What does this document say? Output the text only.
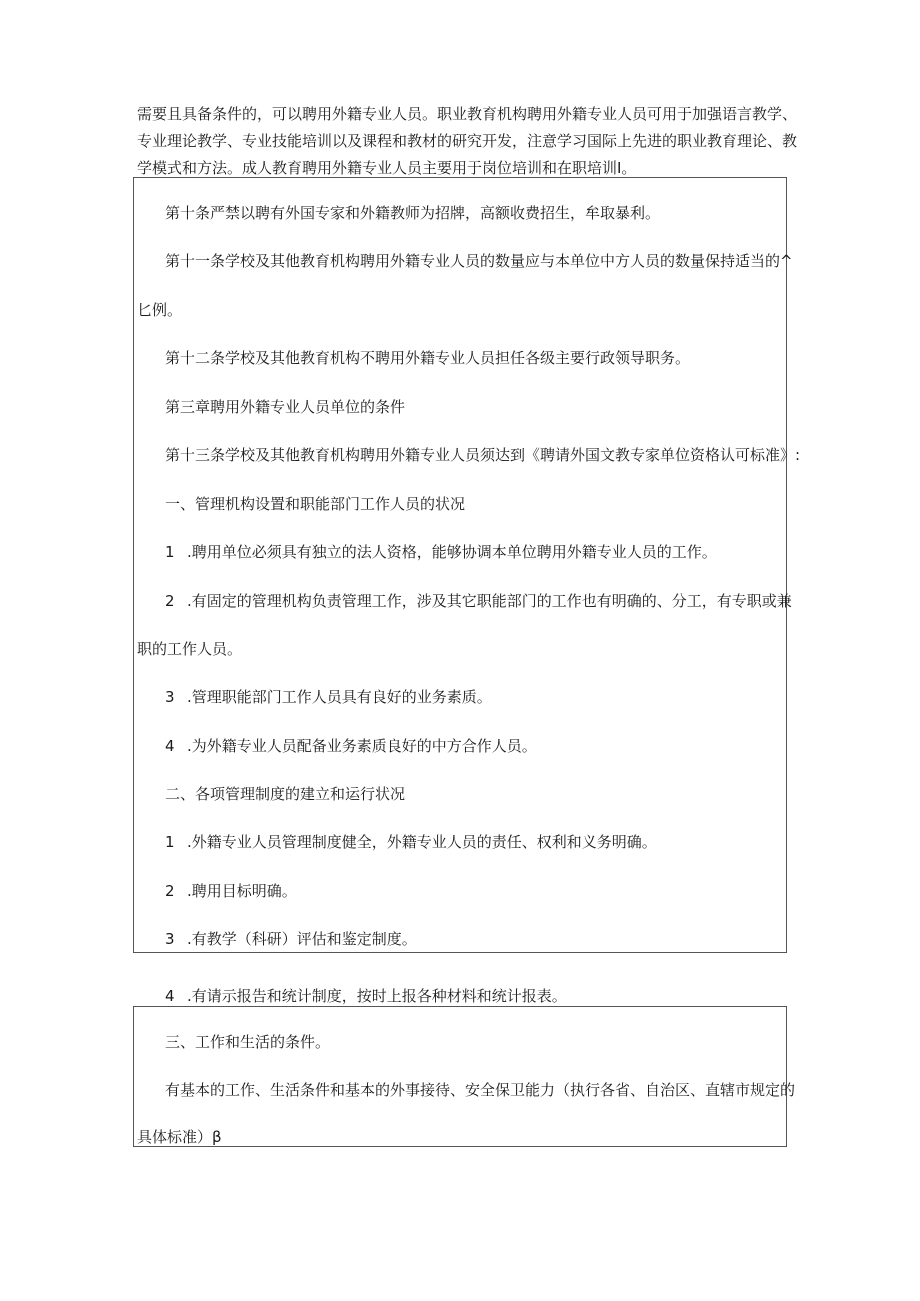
需要且具备条件的，可以聘用外籍专业人员。职业教育机构聘用外籍专业人员可用于加强语言教学、
专业理论教学、专业技能培训以及课程和教材的研究开发，注意学习国际上先进的职业教育理论、教
学模式和方法。成人教育聘用外籍专业人员主要用于岗位培训和在职培训I。
第十条严禁以聘有外国专家和外籍教师为招牌，高额收费招生，牟取暴利。
第十一条学校及其他教育机构聘用外籍专业人员的数量应与本单位中方人员的数量保持适当的^
匕例。
第十二条学校及其他教育机构不聘用外籍专业人员担任各级主要行政领导职务。
第三章聘用外籍专业人员单位的条件
第十三条学校及其他教育机构聘用外籍专业人员须达到《聘请外国文教专家单位资格认可标准》:
一、管理机构设置和职能部门工作人员的状况
1 .聘用单位必须具有独立的法人资格，能够协调本单位聘用外籍专业人员的工作。
2 .有固定的管理机构负责管理工作，涉及其它职能部门的工作也有明确的、分工，有专职或兼
职的工作人员。
3 .管理职能部门工作人员具有良好的业务素质。
4 .为外籍专业人员配备业务素质良好的中方合作人员。
二、各项管理制度的建立和运行状况
1 .外籍专业人员管理制度健全，外籍专业人员的责任、权利和义务明确。
2 .聘用目标明确。
3 .有教学（科研）评估和鉴定制度。
4 .有请示报告和统计制度，按时上报各种材料和统计报表。
三、工作和生活的条件。
有基本的工作、生活条件和基本的外事接待、安全保卫能力（执行各省、自治区、直辖市规定的
具体标准）β
